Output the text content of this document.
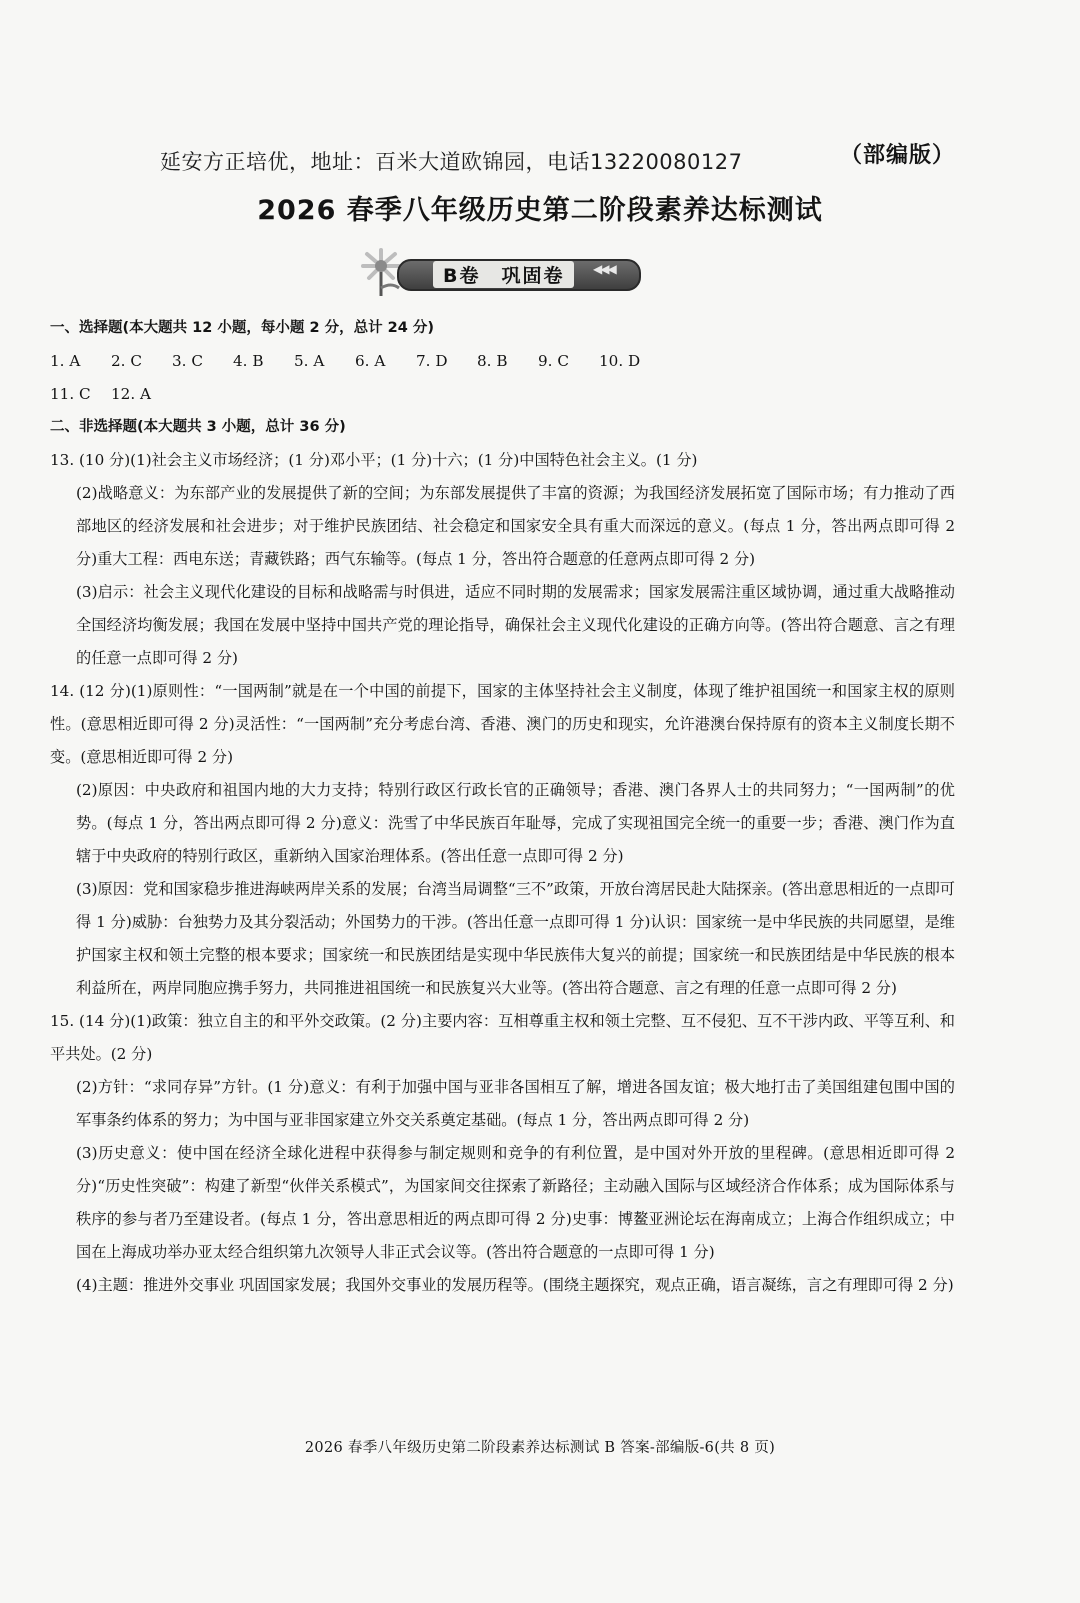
延安方正培优，地址：百米大道欧锦园，电话13220080127	（部编版）
2026 春季八年级历史第二阶段素养达标测试
B卷　巩固卷	◀◀◀
一、选择题(本大题共 12 小题，每小题 2 分，总计 24 分)
1. A	2. C	3. C	4. B	5. A	6. A	7. D	8. B	9. C	10. D
11. C	12. A
二、非选择题(本大题共 3 小题，总计 36 分)

13. (10 分)(1)社会主义市场经济；(1 分)邓小平；(1 分)十六；(1 分)中国特色社会主义。(1 分)

(2)战略意义：为东部产业的发展提供了新的空间；为东部发展提供了丰富的资源；为我国经济发展拓宽了国际市场；有力推动了西部地区的经济发展和社会进步；对于维护民族团结、社会稳定和国家安全具有重大而深远的意义。(每点 1 分，答出两点即可得 2 分)重大工程：西电东送；青藏铁路；西气东输等。(每点 1 分，答出符合题意的任意两点即可得 2 分)

(3)启示：社会主义现代化建设的目标和战略需与时俱进，适应不同时期的发展需求；国家发展需注重区域协调，通过重大战略推动全国经济均衡发展；我国在发展中坚持中国共产党的理论指导，确保社会主义现代化建设的正确方向等。(答出符合题意、言之有理的任意一点即可得 2 分)

14. (12 分)(1)原则性：“一国两制”就是在一个中国的前提下，国家的主体坚持社会主义制度，体现了维护祖国统一和国家主权的原则性。(意思相近即可得 2 分)灵活性：“一国两制”充分考虑台湾、香港、澳门的历史和现实，允许港澳台保持原有的资本主义制度长期不变。(意思相近即可得 2 分)

(2)原因：中央政府和祖国内地的大力支持；特别行政区行政长官的正确领导；香港、澳门各界人士的共同努力；“一国两制”的优势。(每点 1 分，答出两点即可得 2 分)意义：洗雪了中华民族百年耻辱，完成了实现祖国完全统一的重要一步；香港、澳门作为直辖于中央政府的特别行政区，重新纳入国家治理体系。(答出任意一点即可得 2 分)

(3)原因：党和国家稳步推进海峡两岸关系的发展；台湾当局调整“三不”政策，开放台湾居民赴大陆探亲。(答出意思相近的一点即可得 1 分)威胁：台独势力及其分裂活动；外国势力的干涉。(答出任意一点即可得 1 分)认识：国家统一是中华民族的共同愿望，是维护国家主权和领土完整的根本要求；国家统一和民族团结是实现中华民族伟大复兴的前提；国家统一和民族团结是中华民族的根本利益所在，两岸同胞应携手努力，共同推进祖国统一和民族复兴大业等。(答出符合题意、言之有理的任意一点即可得 2 分)

15. (14 分)(1)政策：独立自主的和平外交政策。(2 分)主要内容：互相尊重主权和领土完整、互不侵犯、互不干涉内政、平等互利、和平共处。(2 分)

(2)方针：“求同存异”方针。(1 分)意义：有利于加强中国与亚非各国相互了解，增进各国友谊；极大地打击了美国组建包围中国的军事条约体系的努力；为中国与亚非国家建立外交关系奠定基础。(每点 1 分，答出两点即可得 2 分)

(3)历史意义：使中国在经济全球化进程中获得参与制定规则和竞争的有利位置，是中国对外开放的里程碑。(意思相近即可得 2 分)“历史性突破”：构建了新型“伙伴关系模式”，为国家间交往探索了新路径；主动融入国际与区域经济合作体系；成为国际体系与秩序的参与者乃至建设者。(每点 1 分，答出意思相近的两点即可得 2 分)史事：博鳌亚洲论坛在海南成立；上海合作组织成立；中国在上海成功举办亚太经合组织第九次领导人非正式会议等。(答出符合题意的一点即可得 1 分)

(4)主题：推进外交事业 巩固国家发展；我国外交事业的发展历程等。(围绕主题探究，观点正确，语言凝练，言之有理即可得 2 分)

2026 春季八年级历史第二阶段素养达标测试 B 答案-部编版-6(共 8 页)
